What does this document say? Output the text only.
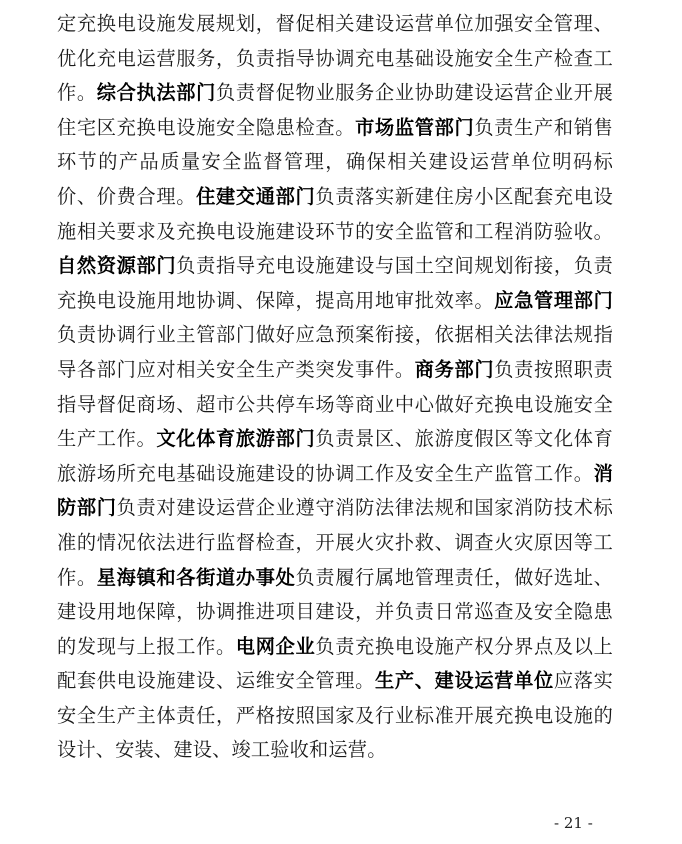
定充换电设施发展规划，督促相关建设运营单位加强安全管理、优化充电运营服务，负责指导协调充电基础设施安全生产检查工作。综合执法部门负责督促物业服务企业协助建设运营企业开展住宅区充换电设施安全隐患检查。市场监管部门负责生产和销售环节的产品质量安全监督管理，确保相关建设运营单位明码标价、价费合理。住建交通部门负责落实新建住房小区配套充电设施相关要求及充换电设施建设环节的安全监管和工程消防验收。自然资源部门负责指导充电设施建设与国土空间规划衔接，负责充换电设施用地协调、保障，提高用地审批效率。应急管理部门负责协调行业主管部门做好应急预案衔接，依据相关法律法规指导各部门应对相关安全生产类突发事件。商务部门负责按照职责指导督促商场、超市公共停车场等商业中心做好充换电设施安全生产工作。文化体育旅游部门负责景区、旅游度假区等文化体育旅游场所充电基础设施建设的协调工作及安全生产监管工作。消防部门负责对建设运营企业遵守消防法律法规和国家消防技术标准的情况依法进行监督检查，开展火灾扑救、调查火灾原因等工作。星海镇和各街道办事处负责履行属地管理责任，做好选址、建设用地保障，协调推进项目建设，并负责日常巡查及安全隐患的发现与上报工作。电网企业负责充换电设施产权分界点及以上配套供电设施建设、运维安全管理。生产、建设运营单位应落实安全生产主体责任，严格按照国家及行业标准开展充换电设施的设计、安装、建设、竣工验收和运营。

- 21 -
